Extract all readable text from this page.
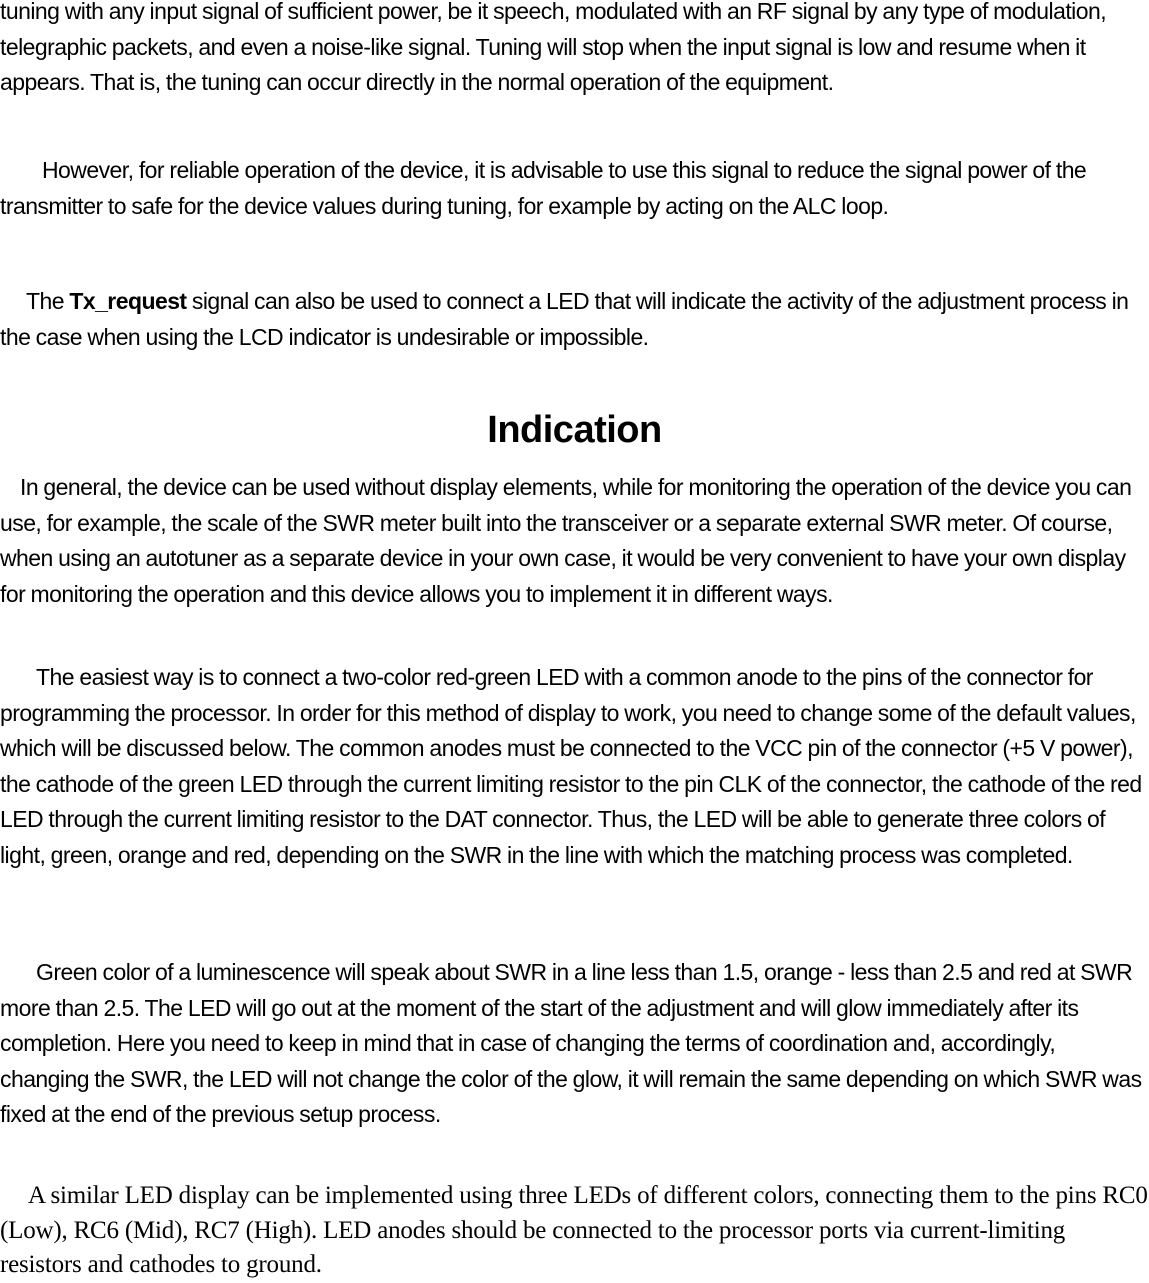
tuning with any input signal of sufficient power, be it speech, modulated with an RF signal by any type of modulation, telegraphic packets, and even a noise-like signal. Tuning will stop when the input signal is low and resume when it appears. That is, the tuning can occur directly in the normal operation of the equipment.

However, for reliable operation of the device, it is advisable to use this signal to reduce the signal power of the transmitter to safe for the device values during tuning, for example by acting on the ALC loop.

The Tx_request signal can also be used to connect a LED that will indicate the activity of the adjustment process in the case when using the LCD indicator is undesirable or impossible.

Indication

In general, the device can be used without display elements, while for monitoring the operation of the device you can use, for example, the scale of the SWR meter built into the transceiver or a separate external SWR meter. Of course, when using an autotuner as a separate device in your own case, it would be very convenient to have your own display for monitoring the operation and this device allows you to implement it in different ways.

The easiest way is to connect a two-color red-green LED with a common anode to the pins of the connector for programming the processor. In order for this method of display to work, you need to change some of the default values, which will be discussed below. The common anodes must be connected to the VCC pin of the connector (+5 V power), the cathode of the green LED through the current limiting resistor to the pin CLK of the connector, the cathode of the red LED through the current limiting resistor to the DAT connector. Thus, the LED will be able to generate three colors of light, green, orange and red, depending on the SWR in the line with which the matching process was completed.

Green color of a luminescence will speak about SWR in a line less than 1.5, orange - less than 2.5 and red at SWR more than 2.5. The LED will go out at the moment of the start of the adjustment and will glow immediately after its completion. Here you need to keep in mind that in case of changing the terms of coordination and, accordingly, changing the SWR, the LED will not change the color of the glow, it will remain the same depending on which SWR was fixed at the end of the previous setup process.

A similar LED display can be implemented using three LEDs of different colors, connecting them to the pins RC0 (Low), RC6 (Mid), RC7 (High). LED anodes should be connected to the processor ports via current-limiting resistors and cathodes to ground.
